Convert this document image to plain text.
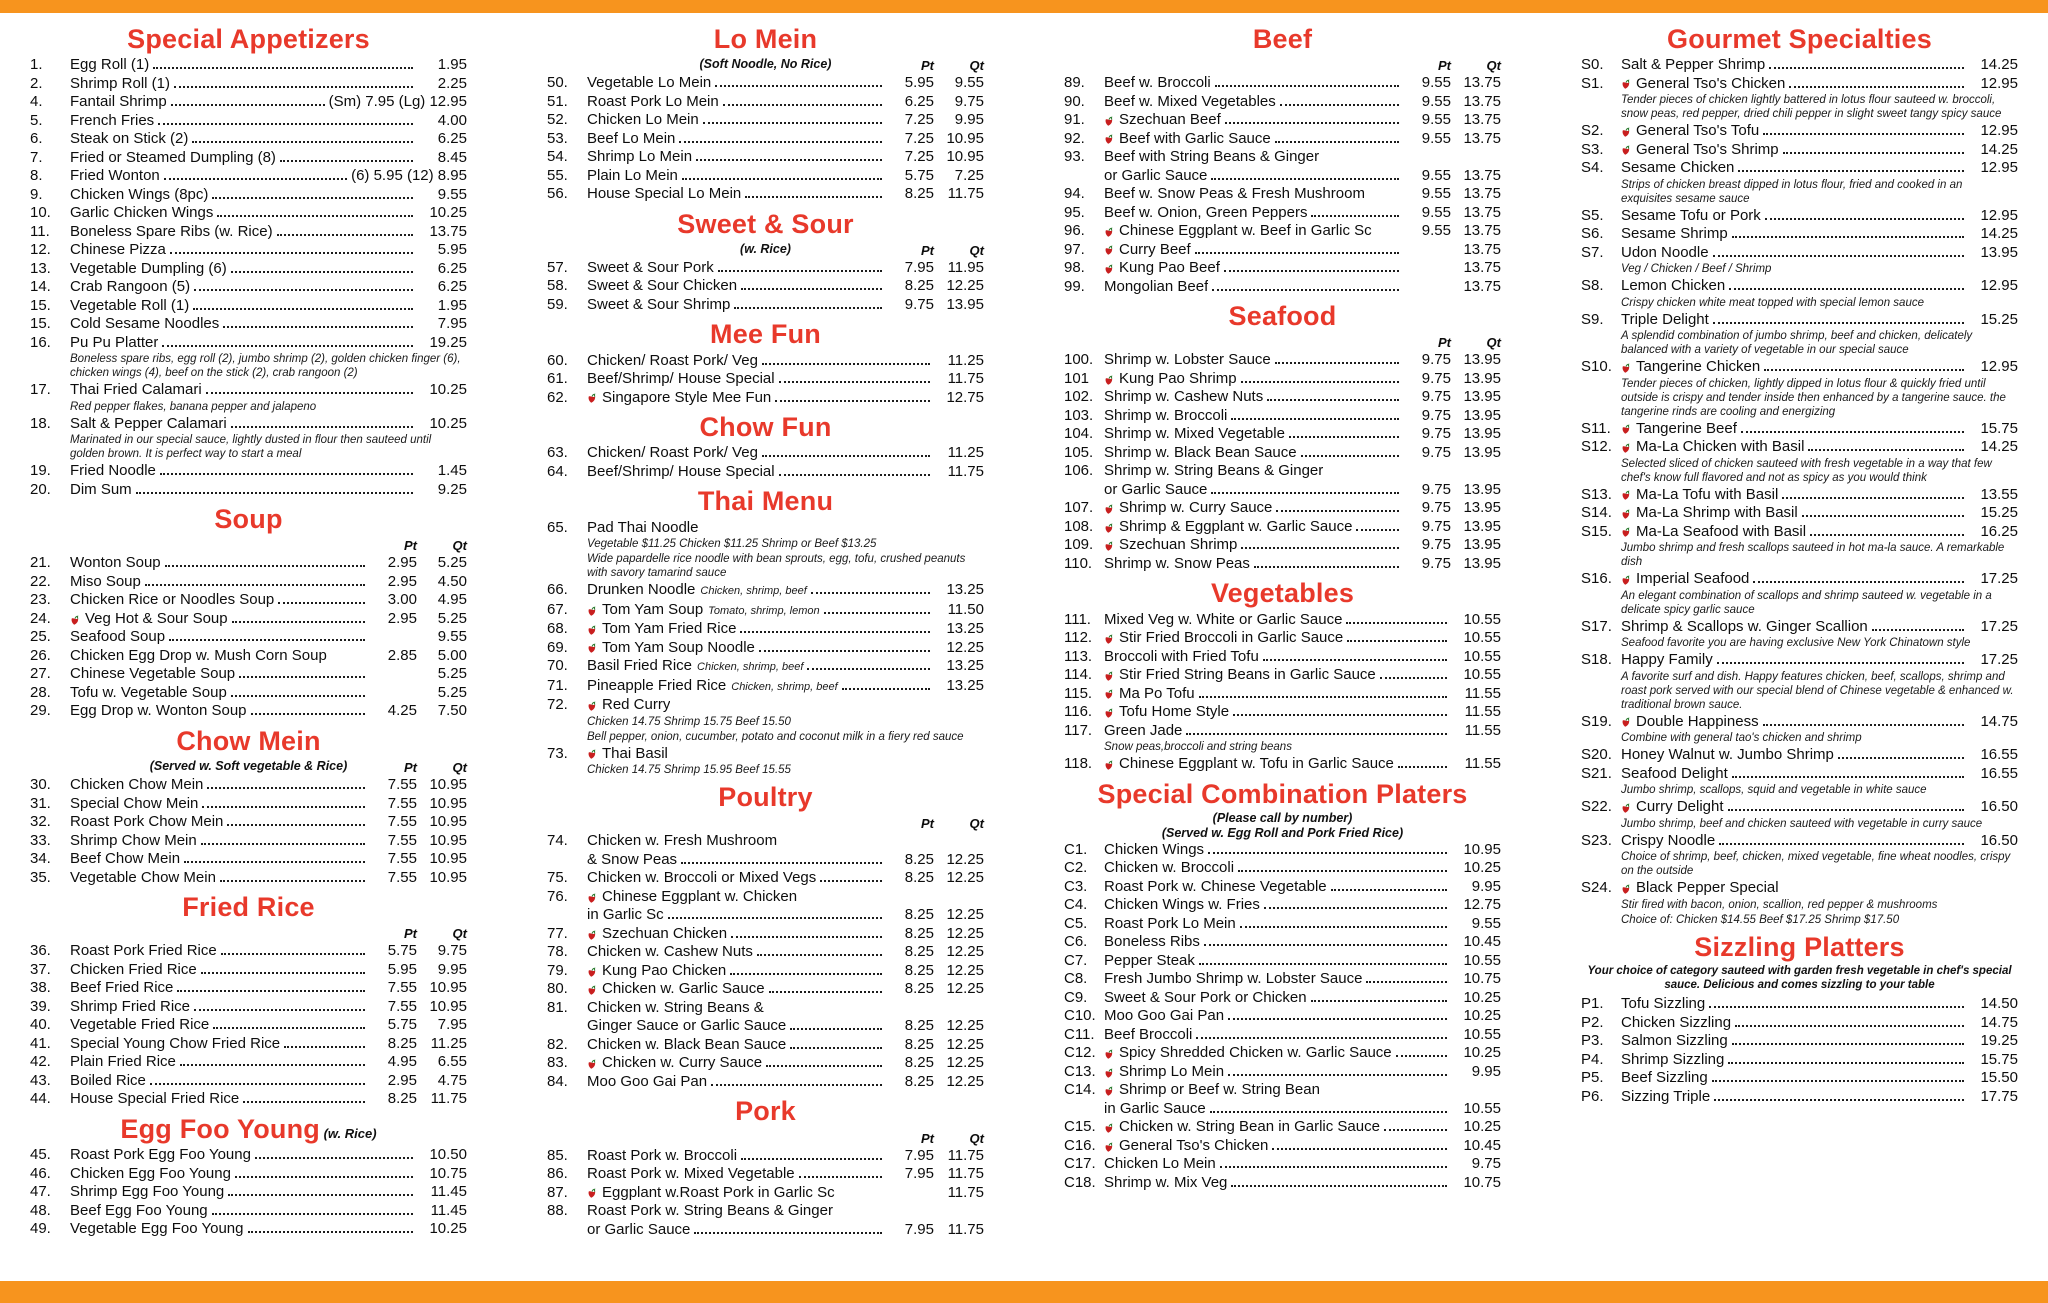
Special Appetizers
1.	Egg Roll (1)	1.95
2.	Shrimp Roll (1)	2.25
4.	Fantail Shrimp	(Sm) 7.95 (Lg) 12.95
5.	French Fries	4.00
6.	Steak on Stick (2)	6.25
7.	Fried or Steamed Dumpling (8)	8.45
8.	Fried Wonton	(6) 5.95 (12) 8.95
9.	Chicken Wings (8pc)	9.55
10.	Garlic Chicken Wings	10.25
11.	Boneless Spare Ribs (w. Rice)	13.75
12.	Chinese Pizza	5.95
13.	Vegetable Dumpling (6)	6.25
14.	Crab Rangoon (5)	6.25
15.	Vegetable Roll (1)	1.95
15.	Cold Sesame Noodles	7.95
16.	Pu Pu Platter	19.25
Boneless spare ribs, egg roll (2), jumbo shrimp (2), golden chicken finger (6), chicken wings (4), beef on the stick (2), crab rangoon (2)
17.	Thai Fried Calamari	10.25
Red pepper flakes, banana pepper and jalapeno
18.	Salt & Pepper Calamari	10.25
Marinated in our special sauce, lightly dusted in flour then sauteed until golden brown. It is perfect way to start a meal
19.	Fried Noodle	1.45
20.	Dim Sum	9.25
Soup
Pt	Qt
21.	Wonton Soup	2.95	5.25
22.	Miso Soup	2.95	4.50
23.	Chicken Rice or Noodles Soup	3.00	4.95
24.	Veg Hot & Sour Soup	2.95	5.25
25.	Seafood Soup	9.55
26.	Chicken Egg Drop w. Mush Corn Soup	2.85	5.00
27.	Chinese Vegetable Soup	5.25
28.	Tofu w. Vegetable Soup	5.25
29.	Egg Drop w. Wonton Soup	4.25	7.50
Chow Mein
(Served w. Soft vegetable & Rice)	Pt	Qt
30.	Chicken Chow Mein	7.55 10.95
31.	Special Chow Mein	7.55 10.95
32.	Roast Pork Chow Mein	7.55 10.95
33.	Shrimp Chow Mein	7.55 10.95
34.	Beef Chow Mein	7.55 10.95
35.	Vegetable Chow Mein	7.55 10.95
Fried Rice
Pt	Qt
36.	Roast Pork Fried Rice	5.75	9.75
37.	Chicken Fried Rice	5.95	9.95
38.	Beef Fried Rice	7.55 10.95
39.	Shrimp Fried Rice	7.55 10.95
40.	Vegetable Fried Rice	5.75	7.95
41.	Special Young Chow Fried Rice	8.25 11.25
42.	Plain Fried Rice	4.95	6.55
43.	Boiled Rice	2.95	4.75
44.	House Special Fried Rice	8.25 11.75
Egg Foo Young (w. Rice)
45.	Roast Pork Egg Foo Young	10.50
46.	Chicken Egg Foo Young	10.75
47.	Shrimp Egg Foo Young	11.45
48.	Beef Egg Foo Young	11.45
49.	Vegetable Egg Foo Young	10.25
Lo Mein
(Soft Noodle, No Rice)	Pt	Qt
50.	Vegetable Lo Mein	5.95	9.55
51.	Roast Pork Lo Mein	6.25	9.75
52.	Chicken Lo Mein	7.25	9.95
53.	Beef Lo Mein	7.25 10.95
54.	Shrimp Lo Mein	7.25 10.95
55.	Plain Lo Mein	5.75	7.25
56.	House Special Lo Mein	8.25 11.75
Sweet & Sour
(w. Rice)	Pt	Qt
57.	Sweet & Sour Pork	7.95 11.95
58.	Sweet & Sour Chicken	8.25 12.25
59.	Sweet & Sour Shrimp	9.75 13.95
Mee Fun
60.	Chicken/ Roast Pork/ Veg	11.25
61.	Beef/Shrimp/ House Special	11.75
62.	Singapore Style Mee Fun	12.75
Chow Fun
63.	Chicken/ Roast Pork/ Veg	11.25
64.	Beef/Shrimp/ House Special	11.75
Thai Menu
65.	Pad Thai Noodle
Vegetable $11.25 Chicken $11.25 Shrimp or Beef $13.25
Wide papardelle rice noodle with bean sprouts, egg, tofu, crushed peanuts with savory tamarind sauce
66.	Drunken Noodle Chicken, shrimp, beef	13.25
67.	Tom Yam Soup Tomato, shrimp, lemon	11.50
68.	Tom Yam Fried Rice	13.25
69.	Tom Yam Soup Noodle	12.25
70.	Basil Fried Rice Chicken, shrimp, beef	13.25
71.	Pineapple Fried Rice Chicken, shrimp, beef	13.25
72.	Red Curry
Chicken 14.75 Shrimp 15.75 Beef 15.50
Bell pepper, onion, cucumber, potato and coconut milk in a fiery red sauce
73.	Thai Basil
Chicken 14.75 Shrimp 15.95 Beef 15.55
Poultry
Pt	Qt
74.	Chicken w. Fresh Mushroom
& Snow Peas	8.25 12.25
75.	Chicken w. Broccoli or Mixed Vegs	8.25 12.25
76.	Chinese Eggplant w. Chicken
in Garlic Sc	8.25 12.25
77.	Szechuan Chicken	8.25 12.25
78.	Chicken w. Cashew Nuts	8.25 12.25
79.	Kung Pao Chicken	8.25 12.25
80.	Chicken w. Garlic Sauce	8.25 12.25
81.	Chicken w. String Beans &
Ginger Sauce or Garlic Sauce	8.25 12.25
82.	Chicken w. Black Bean Sauce	8.25 12.25
83.	Chicken w. Curry Sauce	8.25 12.25
84.	Moo Goo Gai Pan	8.25 12.25
Pork
Pt	Qt
85.	Roast Pork w. Broccoli	7.95 11.75
86.	Roast Pork w. Mixed Vegetable	7.95 11.75
87.	Eggplant w.Roast Pork in Garlic Sc	11.75
88.	Roast Pork w. String Beans & Ginger
or Garlic Sauce	7.95 11.75
Beef
Pt	Qt
89.	Beef w. Broccoli	9.55 13.75
90.	Beef w. Mixed Vegetables	9.55 13.75
91.	Szechuan Beef	9.55 13.75
92.	Beef with Garlic Sauce	9.55 13.75
93.	Beef with String Beans & Ginger
or Garlic Sauce	9.55 13.75
94.	Beef w. Snow Peas & Fresh Mushroom	9.55 13.75
95.	Beef w. Onion, Green Peppers	9.55 13.75
96.	Chinese Eggplant w. Beef in Garlic Sc	9.55 13.75
97.	Curry Beef	13.75
98.	Kung Pao Beef	13.75
99.	Mongolian Beef	13.75
Seafood
Pt	Qt
100. Shrimp w. Lobster Sauce	9.75 13.95
101	Kung Pao Shrimp	9.75 13.95
102. Shrimp w. Cashew Nuts	9.75 13.95
103. Shrimp w. Broccoli	9.75 13.95
104. Shrimp w. Mixed Vegetable	9.75 13.95
105. Shrimp w. Black Bean Sauce	9.75 13.95
106. Shrimp w. String Beans & Ginger
or Garlic Sauce	9.75 13.95
107.	Shrimp w. Curry Sauce	9.75 13.95
108.	Shrimp & Eggplant w. Garlic Sauce	9.75 13.95
109.	Szechuan Shrimp	9.75 13.95
110. Shrimp w. Snow Peas	9.75 13.95
Vegetables
111. Mixed Veg w. White or Garlic Sauce	10.55
112.	Stir Fried Broccoli in Garlic Sauce	10.55
113. Broccoli with Fried Tofu	10.55
114.	Stir Fried String Beans in Garlic Sauce	10.55
115.	Ma Po Tofu	11.55
116.	Tofu Home Style	11.55
117. Green Jade	11.55
Snow peas,broccoli and string beans
118.	Chinese Eggplant w. Tofu in Garlic Sauce	11.55
Special Combination Platers
(Please call by number)
(Served w. Egg Roll and Pork Fried Rice)
C1.	Chicken Wings	10.95
C2.	Chicken w. Broccoli	10.25
C3.	Roast Pork w. Chinese Vegetable	9.95
C4.	Chicken Wings w. Fries	12.75
C5.	Roast Pork Lo Mein	9.55
C6.	Boneless Ribs	10.45
C7.	Pepper Steak	10.55
C8.	Fresh Jumbo Shrimp w. Lobster Sauce	10.75
C9.	Sweet & Sour Pork or Chicken	10.25
C10. Moo Goo Gai Pan	10.25
C11. Beef Broccoli	10.55
C12.	Spicy Shredded Chicken w. Garlic Sauce	10.25
C13.	Shrimp Lo Mein	9.95
C14.	Shrimp or Beef w. String Bean
in Garlic Sauce	10.55
C15.	Chicken w. String Bean in Garlic Sauce	10.25
C16.	General Tso's Chicken	10.45
C17. Chicken Lo Mein	9.75
C18. Shrimp w. Mix Veg	10.75
Gourmet Specialties
S0.	Salt & Pepper Shrimp	14.25
S1.	General Tso's Chicken	12.95
Tender pieces of chicken lightly battered in lotus flour sauteed w. broccoli, snow peas, red pepper, dried chili pepper in slight sweet tangy spicy sauce
S2.	General Tso's Tofu	12.95
S3.	General Tso's Shrimp	14.25
S4.	Sesame Chicken	12.95
Strips of chicken breast dipped in lotus flour, fried and cooked in an exquisites sesame sauce
S5.	Sesame Tofu or Pork	12.95
S6.	Sesame Shrimp	14.25
S7.	Udon Noodle	13.95
Veg / Chicken / Beef / Shrimp
S8.	Lemon Chicken	12.95
Crispy chicken white meat topped with special lemon sauce
S9.	Triple Delight	15.25
A splendid combination of jumbo shrimp, beef and chicken, delicately balanced with a variety of vegetable in our special sauce
S10.	Tangerine Chicken	12.95
Tender pieces of chicken, lightly dipped in lotus flour & quickly fried until outside is crispy and tender inside then enhanced by a tangerine sauce. the tangerine rinds are cooling and energizing
S11.	Tangerine Beef	15.75
S12.	Ma-La Chicken with Basil	14.25
Selected sliced of chicken sauteed with fresh vegetable in a way that few chef's know full flavored and not as spicy as you would think
S13.	Ma-La Tofu with Basil	13.55
S14.	Ma-La Shrimp with Basil	15.25
S15.	Ma-La Seafood with Basil	16.25
Jumbo shrimp and fresh scallops sauteed in hot ma-la sauce. A remarkable dish
S16.	Imperial Seafood	17.25
An elegant combination of scallops and shrimp sauteed w. vegetable in a delicate spicy garlic sauce
S17. Shrimp & Scallops w. Ginger Scallion	17.25
Seafood favorite you are having exclusive New York Chinatown style
S18. Happy Family	17.25
A favorite surf and dish. Happy features chicken, beef, scallops, shrimp and roast pork served with our special blend of Chinese vegetable & enhanced w. traditional brown sauce.
S19.	Double Happiness	14.75
Combine with general tao's chicken and shrimp
S20. Honey Walnut w. Jumbo Shrimp	16.55
S21. Seafood Delight	16.55
Jumbo shrimp, scallops, squid and vegetable in white sauce
S22.	Curry Delight	16.50
Jumbo shrimp, beef and chicken sauteed with vegetable in curry sauce
S23. Crispy Noodle	16.50
Choice of shrimp, beef, chicken, mixed vegetable, fine wheat noodles, crispy on the outside
S24.	Black Pepper Special
Stir fired with bacon, onion, scallion, red pepper & mushrooms
Choice of: Chicken $14.55 Beef $17.25 Shrimp $17.50
Sizzling Platters
Your choice of category sauteed with garden fresh vegetable in chef's special sauce. Delicious and comes sizzling to your table
P1.	Tofu Sizzling	14.50
P2.	Chicken Sizzling	14.75
P3.	Salmon Sizzling	19.25
P4.	Shrimp Sizzling	15.75
P5.	Beef Sizzling	15.50
P6.	Sizzing Triple	17.75
